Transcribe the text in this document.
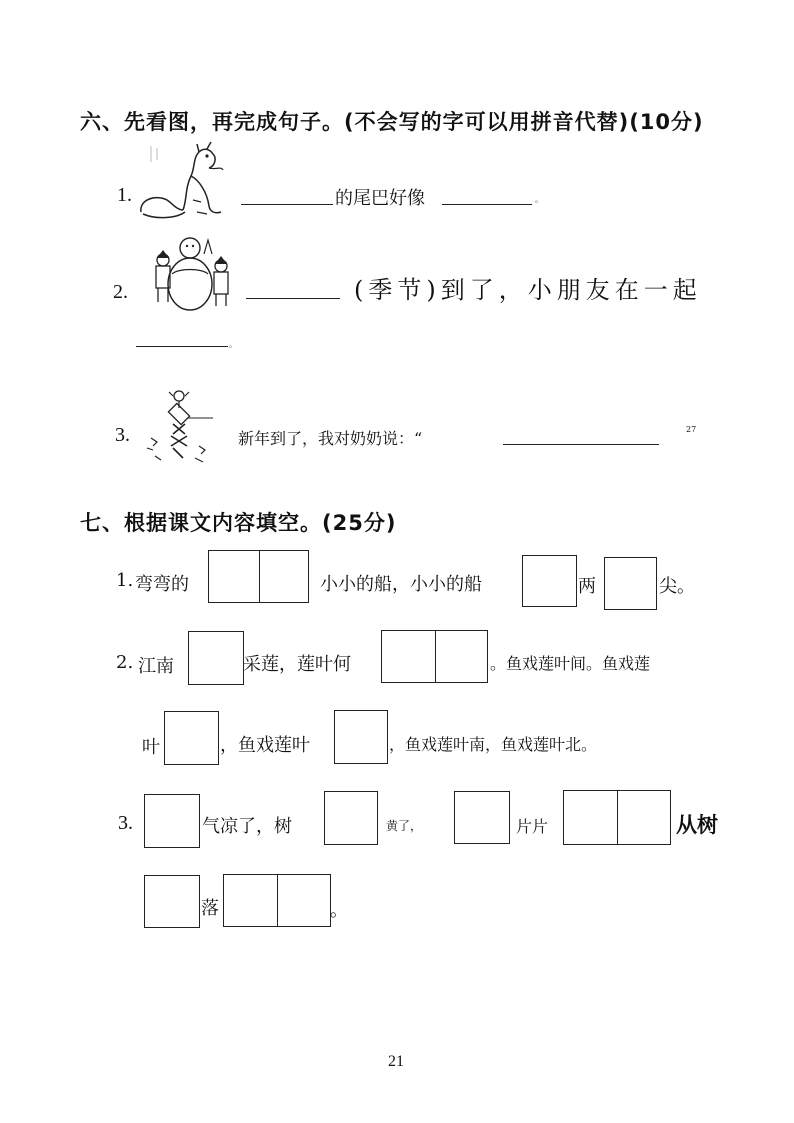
六、先看图，再完成句子。(不会写的字可以用拼音代替)(10分)
1.	的尾巴好像	。
2.	(季节)到了，小朋友在一起
。
3.	新年到了，我对奶奶说：“	27
七、根据课文内容填空。(25分)
1. 弯弯的	小小的船，小小的船	两	尖。
2. 江南	采莲，莲叶何	。鱼戏莲叶间。鱼戏莲
叶	，鱼戏莲叶	，鱼戏莲叶南，鱼戏莲叶北。
3.	气凉了，树	黄了，	片片	从树
落	。
21
